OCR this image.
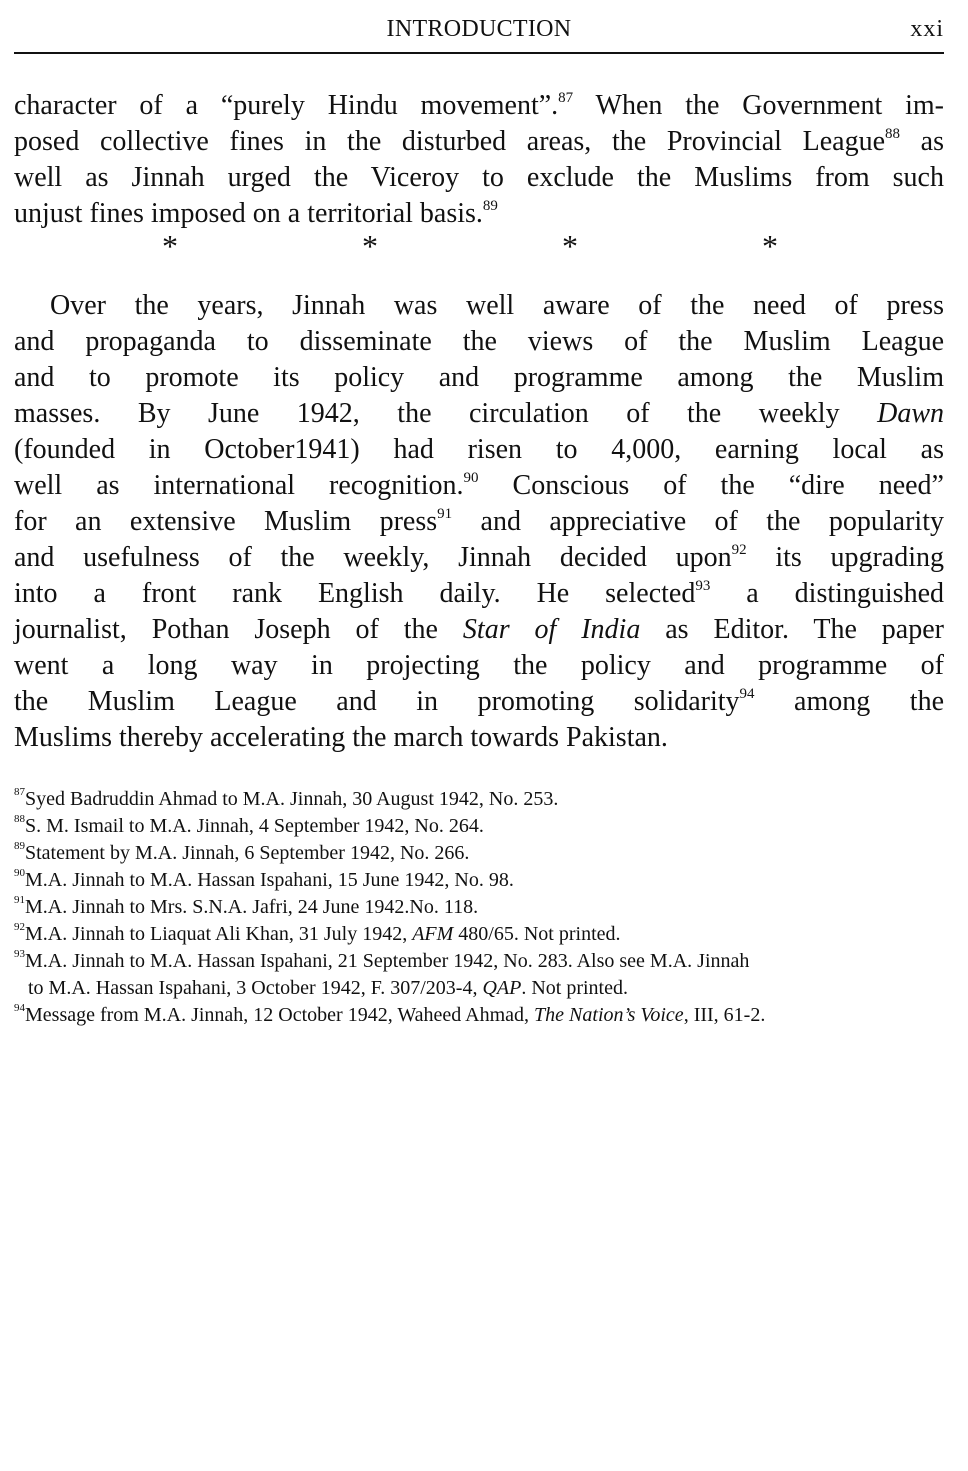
INTRODUCTION	xxi
character of a “purely Hindu movement”.$^{87}$ When the Government im-
posed collective fines in the disturbed areas, the Provincial League$^{88}$ as
well as Jinnah urged the Viceroy to exclude the Muslims from such
unjust fines imposed on a territorial basis.$^{89}$
*	*	*	*
Over the years, Jinnah was well aware of the need of press
and propaganda to disseminate the views of the Muslim League
and to promote its policy and programme among the Muslim
masses. By June 1942, the circulation of the weekly Dawn
(founded in October1941) had risen to 4,000, earning local as
well as international recognition.$^{90}$ Conscious of the “dire need”
for an extensive Muslim press$^{91}$ and appreciative of the popularity
and usefulness of the weekly, Jinnah decided upon$^{92}$ its upgrading
into a front rank English daily. He selected$^{93}$ a distinguished
journalist, Pothan Joseph of the Star of India as Editor. The paper
went a long way in projecting the policy and programme of
the Muslim League and in promoting solidarity$^{94}$ among the
Muslims thereby accelerating the march towards Pakistan.
$^{87}$Syed Badruddin Ahmad to M.A. Jinnah, 30 August 1942, No. 253.
$^{88}$S. M. Ismail to M.A. Jinnah, 4 September 1942, No. 264.
$^{89}$Statement by M.A. Jinnah, 6 September 1942, No. 266.
$^{90}$M.A. Jinnah to M.A. Hassan Ispahani, 15 June 1942, No. 98.
$^{91}$M.A. Jinnah to Mrs. S.N.A. Jafri, 24 June 1942.No. 118.
$^{92}$M.A. Jinnah to Liaquat Ali Khan, 31 July 1942, AFM 480/65. Not printed.
$^{93}$M.A. Jinnah to M.A. Hassan Ispahani, 21 September 1942, No. 283. Also see M.A. Jinnah
to M.A. Hassan Ispahani, 3 October 1942, F. 307/203-4, QAP. Not printed.
$^{94}$Message from M.A. Jinnah, 12 October 1942, Waheed Ahmad, The Nation’s Voice, III, 61-2.
